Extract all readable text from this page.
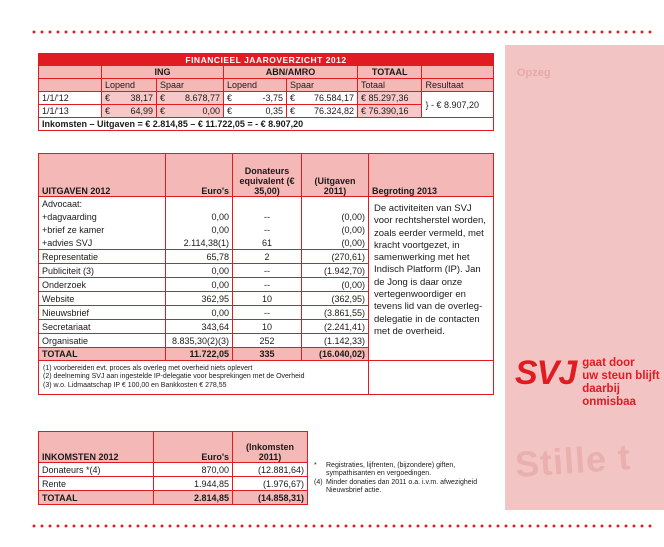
Opzeg
Stille t
SVJ gaat door
uw steun blijft
daarbij onmisbaa
FINANCIEEL JAAROVERZICHT 2012										
	ING				ABN/AMRO				TOTAAL	
	Lopend		Spaar		Lopend		Spaar		Totaal	Resultaat
1/1/'12	€	38,17	€	8.678,77	€	-3,75	€	76.584,17	€ 85.297,36	} - € 8.907,20
1/1/'13	€	64,99	€	0,00	€	0,35	€	76.324,82	€ 76.390,16	
Inkomsten – Uitgaven = € 2.814,85 – € 11.722,05 = - € 8.907,20										
UITGAVEN 2012	Euro's	Donateurs equivalent (€ 35,00)	(Uitgaven 2011)	Begroting 2013
Advocaat:				De activiteiten van SVJ voor rechtsherstel worden, zoals eerder vermeld, met kracht voortgezet, in samenwerking met het Indisch Platform (IP). Jan de Jong is daar onze vertegenwoordiger en tevens lid van de overleg-delegatie in de contacten met de overheid.
+dagvaarding	0,00	--	(0,00)	
+brief ze kamer	0,00	--	(0,00)	
+advies SVJ	2.114,38(1)	61	(0,00)	
Representatie	65,78	2	(270,61)	
Publiciteit (3)	0,00	--	(1.942,70)	
Onderzoek	0,00	--	(0,00)	
Website	362,95	10	(362,95)	
Nieuwsbrief	0,00	--	(3.861,55)	
Secretariaat	343,64	10	(2.241,41)	
Organisatie	8.835,30(2)(3)	252	(1.142,33)	
TOTAAL	11.722,05	335	(16.040,02)	

(1) voorbereiden evt. proces als overleg met overheid niets oplevert
(2) deelneming SVJ aan ingestelde IP-delegatie voor besprekingen met de Overheid
(3) w.o. Lidmaatschap IP € 100,00 en Bankkosten € 278,55				

INKOMSTEN 2012	Euro's	(Inkomsten 2011)	* Registraties, lijfrenten, (bijzondere) giften, sympathisanten en vergoedingen.
(4) Minder donaties dan 2011 o.a. i.v.m. afwezigheid Nieuwsbrief actie.

Donateurs *(4)	870,00	(12.881,64)	
Rente	1.944,85	(1.976,67)	
TOTAAL	2.814,85	(14.858,31)	
